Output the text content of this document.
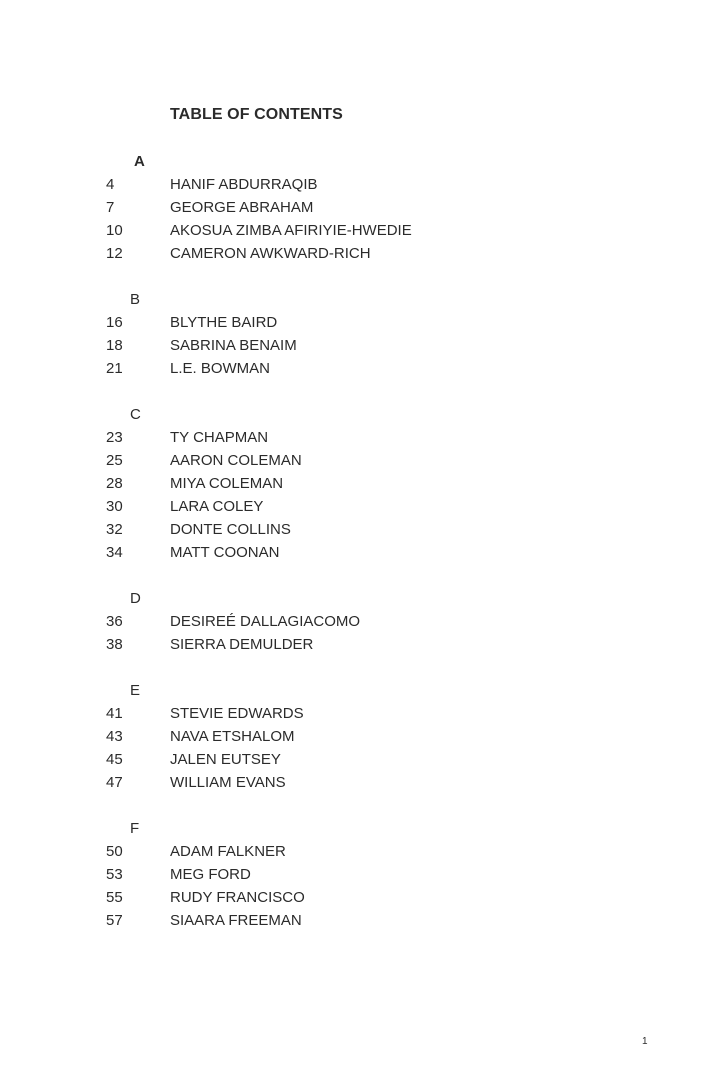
TABLE OF CONTENTS
A
4	HANIF ABDURRAQIB
7	GEORGE ABRAHAM
10	AKOSUA ZIMBA AFIRIYIE-HWEDIE
12	CAMERON AWKWARD-RICH
B
16	BLYTHE BAIRD
18	SABRINA BENAIM
21	L.E. BOWMAN
C
23	TY CHAPMAN
25	AARON COLEMAN
28	MIYA COLEMAN
30	LARA COLEY
32	DONTE COLLINS
34	MATT COONAN
D
36	DESIREÉ DALLAGIACOMO
38	SIERRA DEMULDER
E
41	STEVIE EDWARDS
43	NAVA ETSHALOM
45	JALEN EUTSEY
47	WILLIAM EVANS
F
50	ADAM FALKNER
53	MEG FORD
55	RUDY FRANCISCO
57	SIAARA FREEMAN
1
